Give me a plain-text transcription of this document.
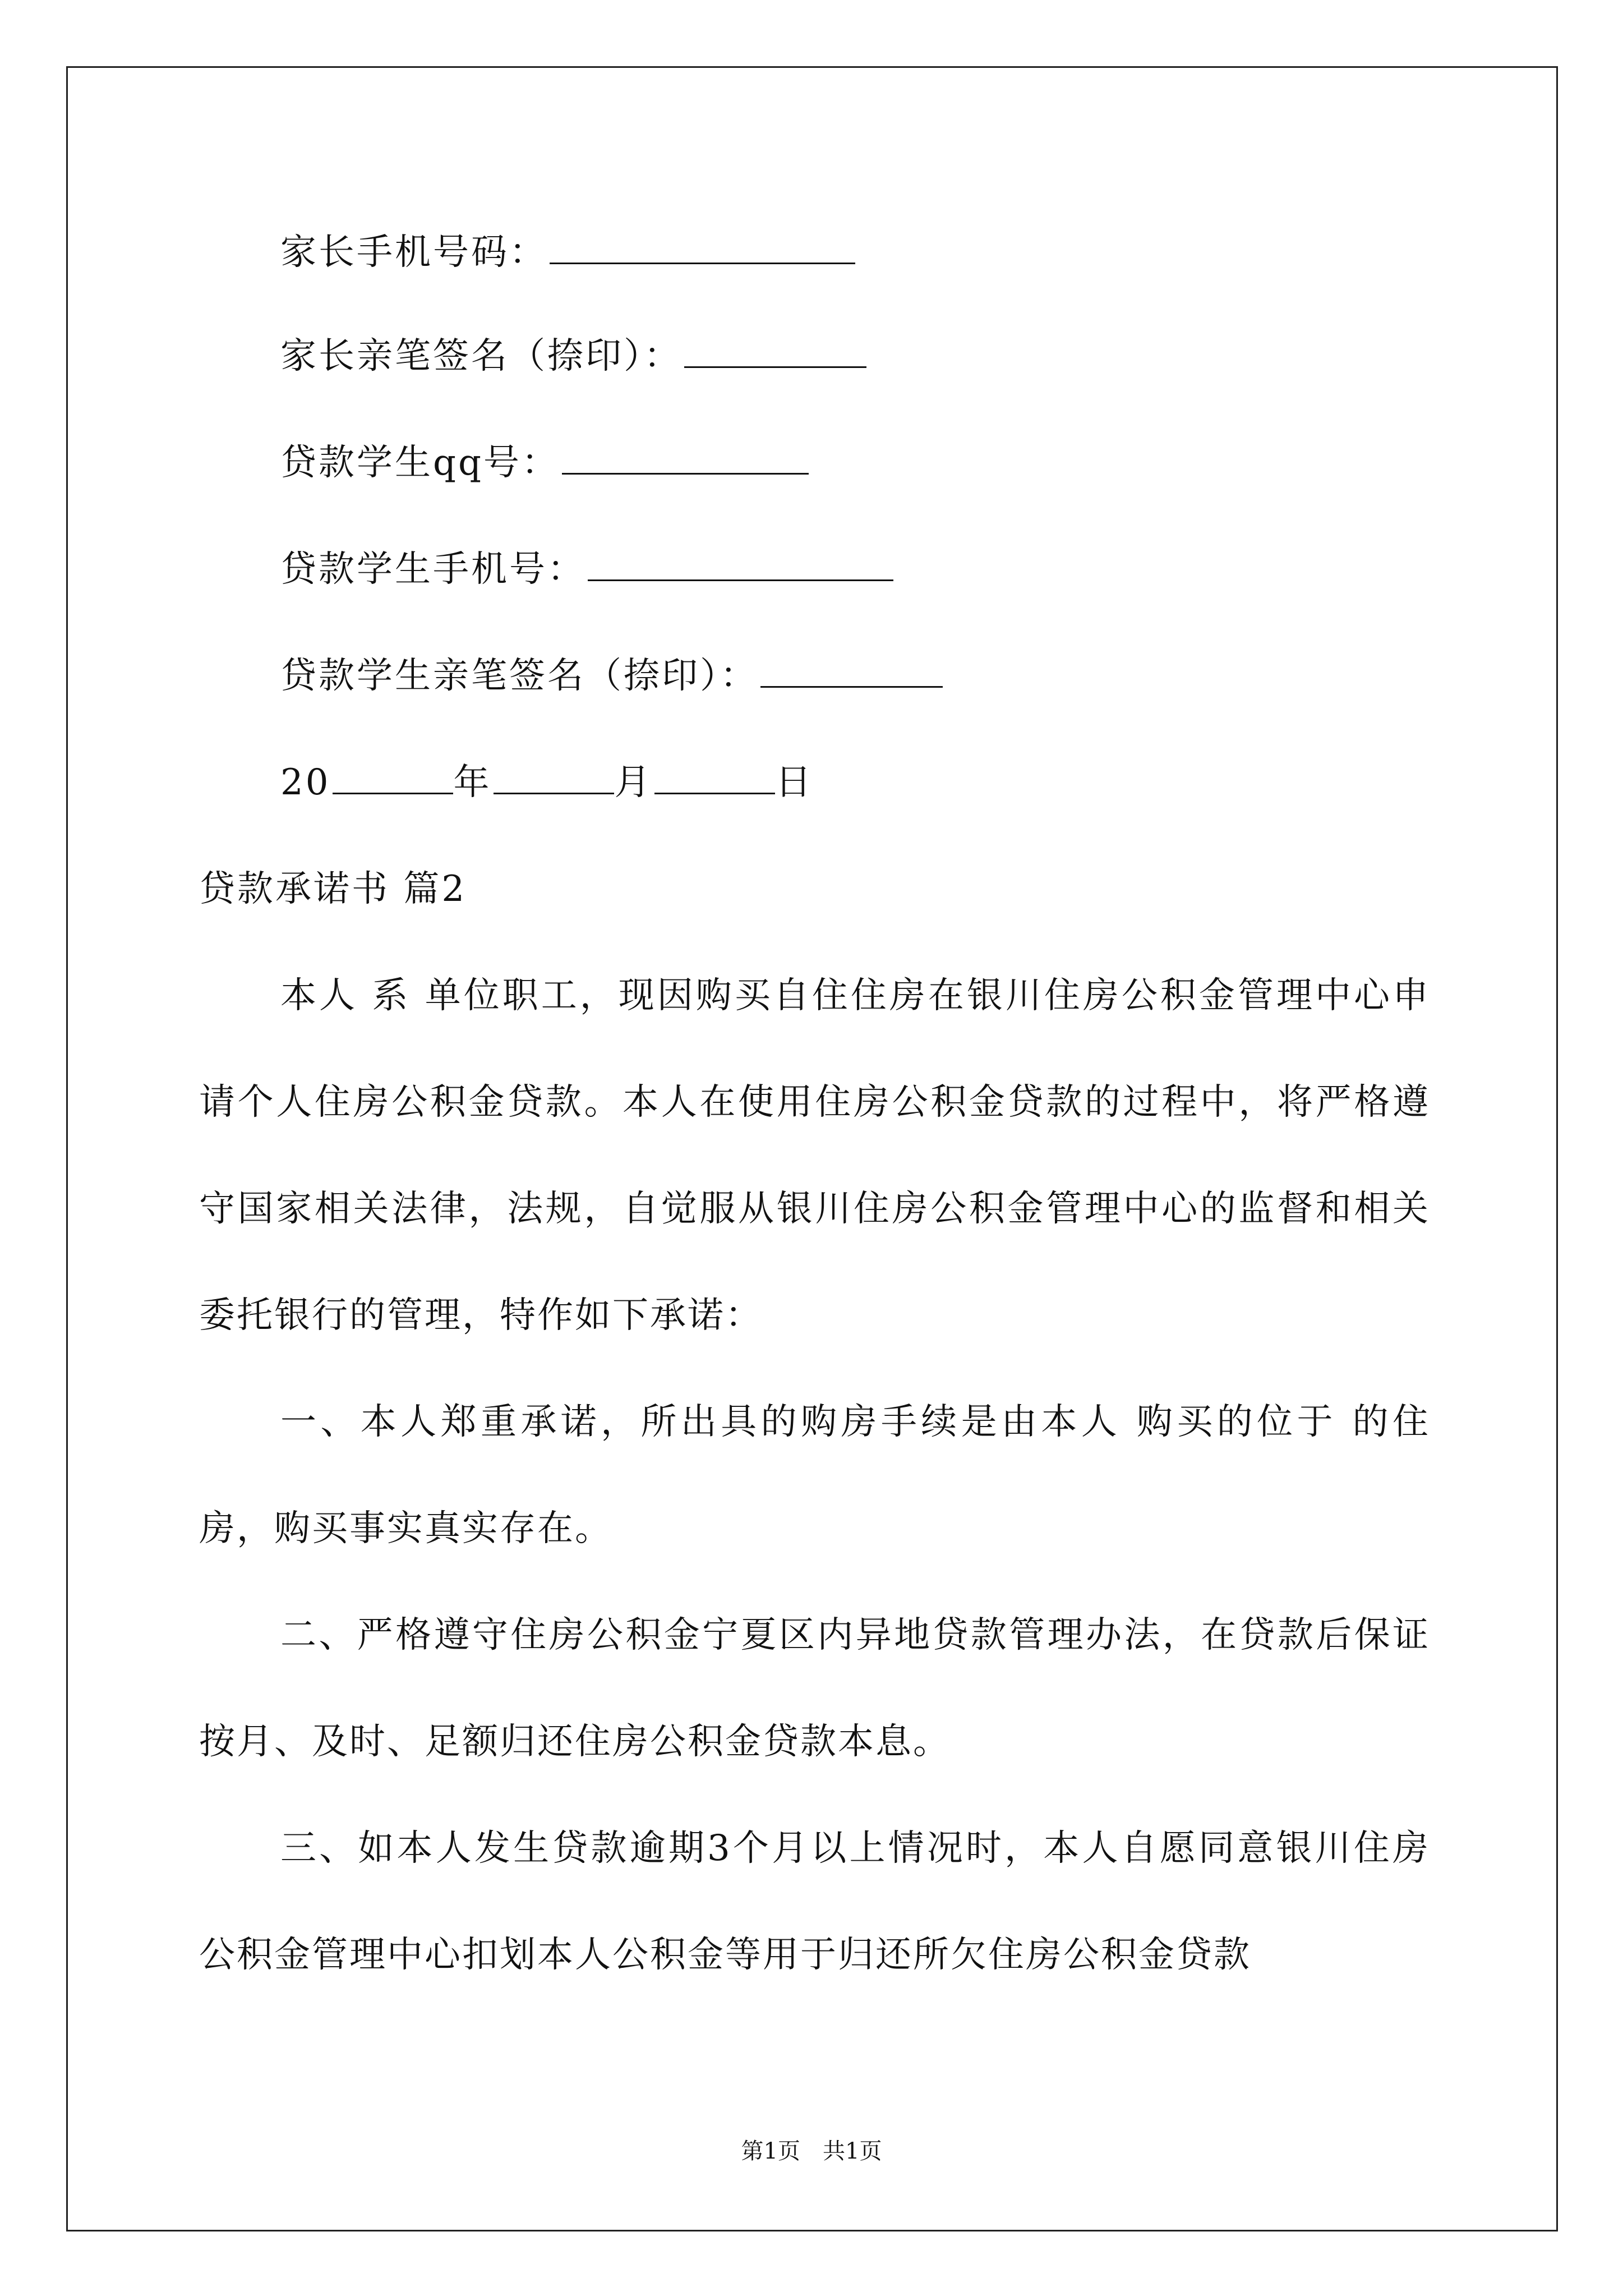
家长手机号码：
家长亲笔签名（捺印）：
贷款学生qq号：
贷款学生手机号：
贷款学生亲笔签名（捺印）：
20	年	月	日
贷款承诺书 篇2

本人 系 单位职工，现因购买自住住房在银川住房公积金管理中心申请个人住房公积金贷款。本人在使用住房公积金贷款的过程中，将严格遵守国家相关法律，法规，自觉服从银川住房公积金管理中心的监督和相关委托银行的管理，特作如下承诺：

一、本人郑重承诺，所出具的购房手续是由本人 购买的位于 的住房，购买事实真实存在。

二、严格遵守住房公积金宁夏区内异地贷款管理办法，在贷款后保证按月、及时、足额归还住房公积金贷款本息。

三、如本人发生贷款逾期3个月以上情况时，本人自愿同意银川住房公积金管理中心扣划本人公积金等用于归还所欠住房公积金贷款

第1页　共1页
